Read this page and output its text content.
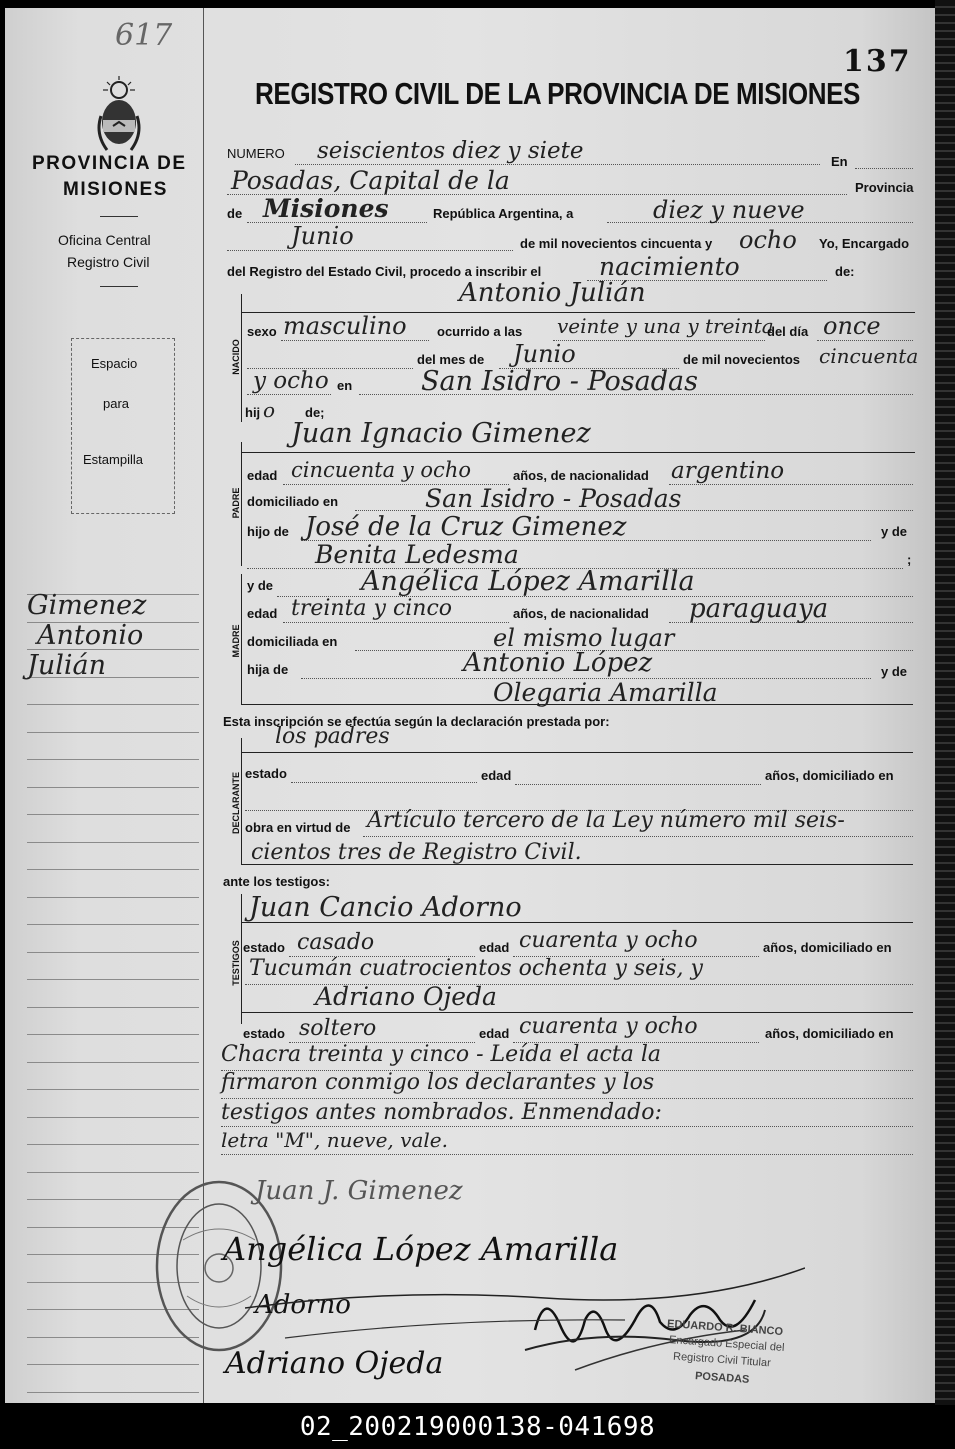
617
137
PROVINCIA DE
MISIONES
Oficina Central
Registro Civil
Espacio
para
Estampilla
Gimenez
Antonio
Julián
REGISTRO CIVIL DE LA PROVINCIA DE MISIONES
NUMERO seiscientos diez y siete	En
Posadas, Capital de la	Provincia
de Misiones	República Argentina, a	diez y nueve
Junio	de mil novecientos cincuenta y ocho Yo, Encargado
del Registro del Estado Civil, procedo a inscribir el nacimiento	de:
NACIDO
Antonio Julián
sexo masculino ocurrido a las veinte y una y treinta
del día once
del mes de Junio	de mil novecientos cincuenta
y ocho en	San Isidro - Posadas
hij o de;
PADRE
Juan Ignacio Gimenez
edad cincuenta y ocho	años, de nacionalidad argentino
domiciliado en	San Isidro - Posadas
hijo de José de la Cruz Gimenez	y de
Benita Ledesma	;
MADRE
y de	Angélica López Amarilla
edad treinta y cinco	años, de nacionalidad paraguaya
domiciliada en	el mismo lugar
hija de	Antonio López	y de
Olegaria Amarilla
Esta inscripción se efectúa según la declaración prestada por:
DECLARANTE
los padres
estado	edad	años, domiciliado en
obra en virtud de Artículo tercero de la Ley número mil seis-
cientos tres de Registro Civil.
ante los testigos:
TESTIGOS
Juan Cancio Adorno
estado casado	edad cuarenta y ocho	años, domiciliado en
Tucumán cuatrocientos ochenta y seis, y
Adriano Ojeda
estado soltero	edad cuarenta y ocho	años, domiciliado en
Chacra treinta y cinco - Leída el acta la
firmaron conmigo los declarantes y los
testigos antes nombrados. Enmendado:
letra "M", nueve, vale.
Juan J. Gimenez
Angélica López Amarilla
Adorno
Adriano Ojeda
EDUARDO R. BIANCO
Encargado Especial del
Registro Civil Titular
POSADAS
02_200219000138-041698
